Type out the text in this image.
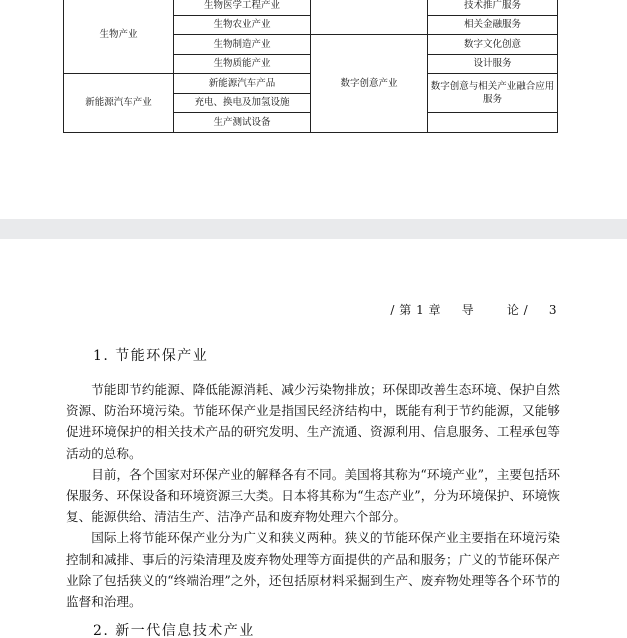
生物产业	生物医学工程产业		技术推广服务
	生物农业产业		相关金融服务
	生物制造产业	数字创意产业	数字文化创意
	生物质能产业		设计服务
新能源汽车产业	新能源汽车产品		数字创意与相关产业融合应用服务
	充电、换电及加氢设施		
	生产测试设备		
/ 第 1 章 导	论 / 3
1. 节能环保产业

节能即节约能源、降低能源消耗、减少污染物排放；环保即改善生态环境、保护自然资源、防治环境污染。节能环保产业是指国民经济结构中，既能有利于节约能源，又能够促进环境保护的相关技术产品的研究发明、生产流通、资源利用、信息服务、工程承包等活动的总称。

目前，各个国家对环保产业的解释各有不同。美国将其称为“环境产业”，主要包括环保服务、环保设备和环境资源三大类。日本将其称为“生态产业”，分为环境保护、环境恢复、能源供给、清洁生产、洁净产品和废弃物处理六个部分。

国际上将节能环保产业分为广义和狭义两种。狭义的节能环保产业主要指在环境污染控制和减排、事后的污染清理及废弃物处理等方面提供的产品和服务；广义的节能环保产业除了包括狭义的“终端治理”之外，还包括原材料采掘到生产、废弃物处理等各个环节的监督和治理。

2. 新一代信息技术产业
